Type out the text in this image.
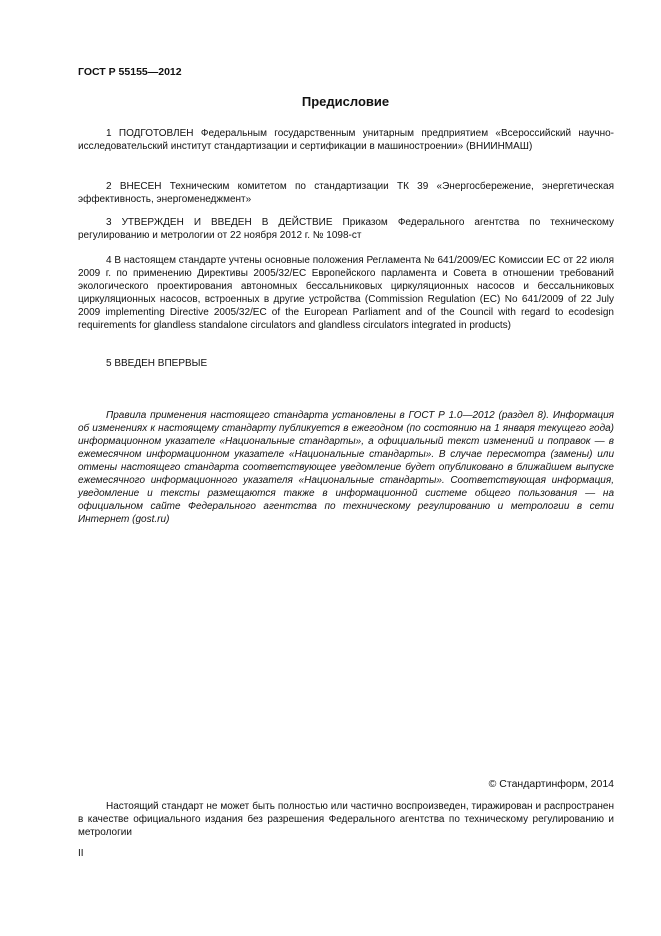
ГОСТ Р 55155—2012
Предисловие

1 ПОДГОТОВЛЕН Федеральным государственным унитарным предприятием «Всероссийский научно-исследовательский институт стандартизации и сертификации в машиностроении» (ВНИИНМАШ)

2 ВНЕСЕН Техническим комитетом по стандартизации ТК 39 «Энергосбережение, энергетическая эффективность, энергоменеджмент»

3 УТВЕРЖДЕН И ВВЕДЕН В ДЕЙСТВИЕ Приказом Федерального агентства по техническому регулированию и метрологии от 22 ноября 2012 г. № 1098-ст

4 В настоящем стандарте учтены основные положения Регламента № 641/2009/ЕС Комиссии ЕС от 22 июля 2009 г. по применению Директивы 2005/32/ЕС Европейского парламента и Совета в отношении требований экологического проектирования автономных бессальниковых циркуляционных насосов и бессальниковых циркуляционных насосов, встроенных в другие устройства (Commission Regulation (EC) No 641/2009 of 22 July 2009 implementing Directive 2005/32/EC of the European Parliament and of the Council with regard to ecodesign requirements for glandless standalone circulators and glandless circulators integrated in products)

5 ВВЕДЕН ВПЕРВЫЕ

Правила применения настоящего стандарта установлены в ГОСТ Р 1.0—2012 (раздел 8). Информация об изменениях к настоящему стандарту публикуется в ежегодном (по состоянию на 1 января текущего года) информационном указателе «Национальные стандарты», а официальный текст изменений и поправок — в ежемесячном информационном указателе «Национальные стандарты». В случае пересмотра (замены) или отмены настоящего стандарта соответствующее уведомление будет опубликовано в ближайшем выпуске ежемесячного информационного указателя «Национальные стандарты». Соответствующая информация, уведомление и тексты размещаются также в информационной системе общего пользования — на официальном сайте Федерального агентства по техническому регулированию и метрологии в сети Интернет (gost.ru)

© Стандартинформ, 2014

Настоящий стандарт не может быть полностью или частично воспроизведен, тиражирован и распространен в качестве официального издания без разрешения Федерального агентства по техническому регулированию и метрологии

II
